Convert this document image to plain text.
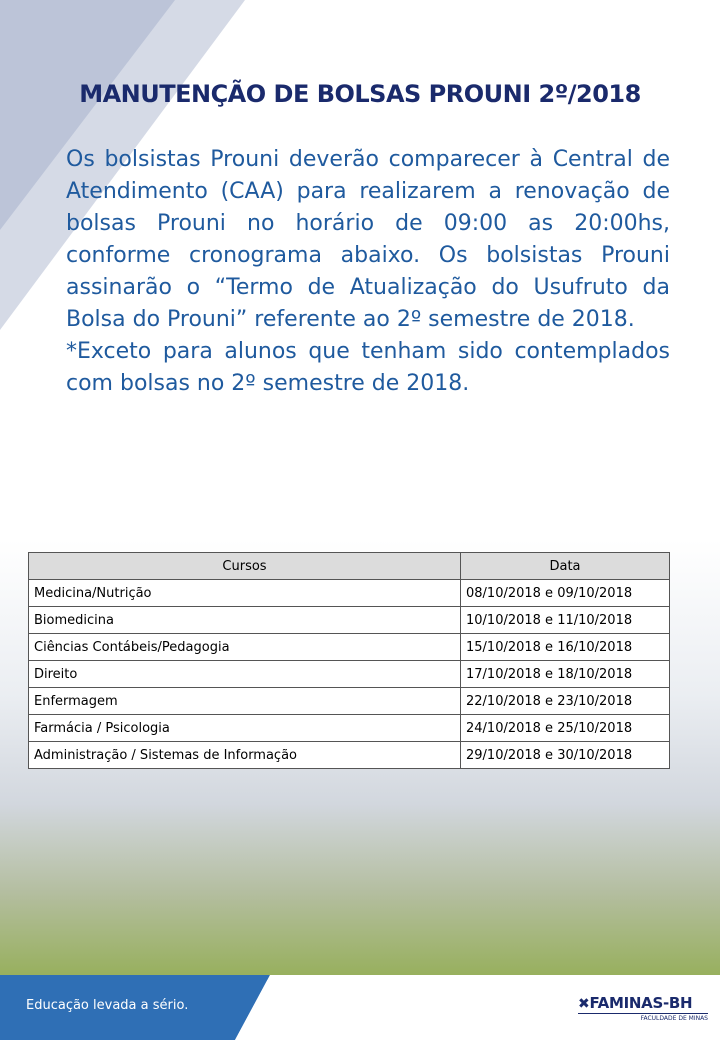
MANUTENÇÃO DE BOLSAS PROUNI 2º/2018

Os bolsistas Prouni deverão comparecer à Central de Atendimento (CAA) para realizarem a renovação de bolsas Prouni no horário de 09:00 as 20:00hs, conforme cronograma abaixo. Os bolsistas Prouni assinarão o “Termo de Atualização do Usufruto da Bolsa do Prouni” referente ao 2º semestre de 2018.

*Exceto para alunos que tenham sido contemplados com bolsas no 2º semestre de 2018.

Cursos	Data
Medicina/Nutrição	08/10/2018 e 09/10/2018
Biomedicina	10/10/2018 e 11/10/2018
Ciências Contábeis/Pedagogia	15/10/2018 e 16/10/2018
Direito	17/10/2018 e 18/10/2018
Enfermagem	22/10/2018 e 23/10/2018
Farmácia / Psicologia	24/10/2018 e 25/10/2018
Administração / Sistemas de Informação	29/10/2018 e 30/10/2018
Educação levada a sério.	✖FAMINAS-BH
FACULDADE DE MINAS
